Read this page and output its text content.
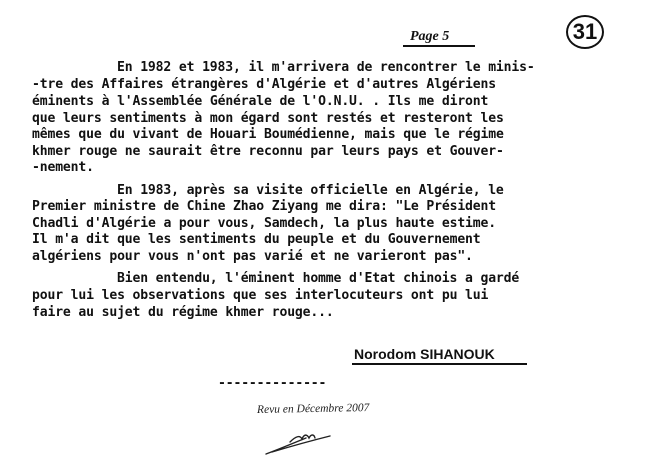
Page 5	31
En 1982 et 1983, il m'arrivera de rencontrer le minis-
-tre des Affaires étrangères d'Algérie et d'autres Algériens
éminents à l'Assemblée Générale de l'O.N.U. . Ils me diront
que leurs sentiments à mon égard sont restés et resteront les
mêmes que du vivant de Houari Boumédienne, mais que le régime
khmer rouge ne saurait être reconnu par leurs pays et Gouver-
-nement.
En 1983, après sa visite officielle en Algérie, le
Premier ministre de Chine Zhao Ziyang me dira: "Le Président
Chadli d'Algérie a pour vous, Samdech, la plus haute estime.
Il m'a dit que les sentiments du peuple et du Gouvernement
algériens pour vous n'ont pas varié et ne varieront pas".
Bien entendu, l'éminent homme d'Etat chinois a gardé
pour lui les observations que ses interlocuteurs ont pu lui
faire au sujet du régime khmer rouge...
Norodom SIHANOUK
--------------
Revu en Décembre 2007
